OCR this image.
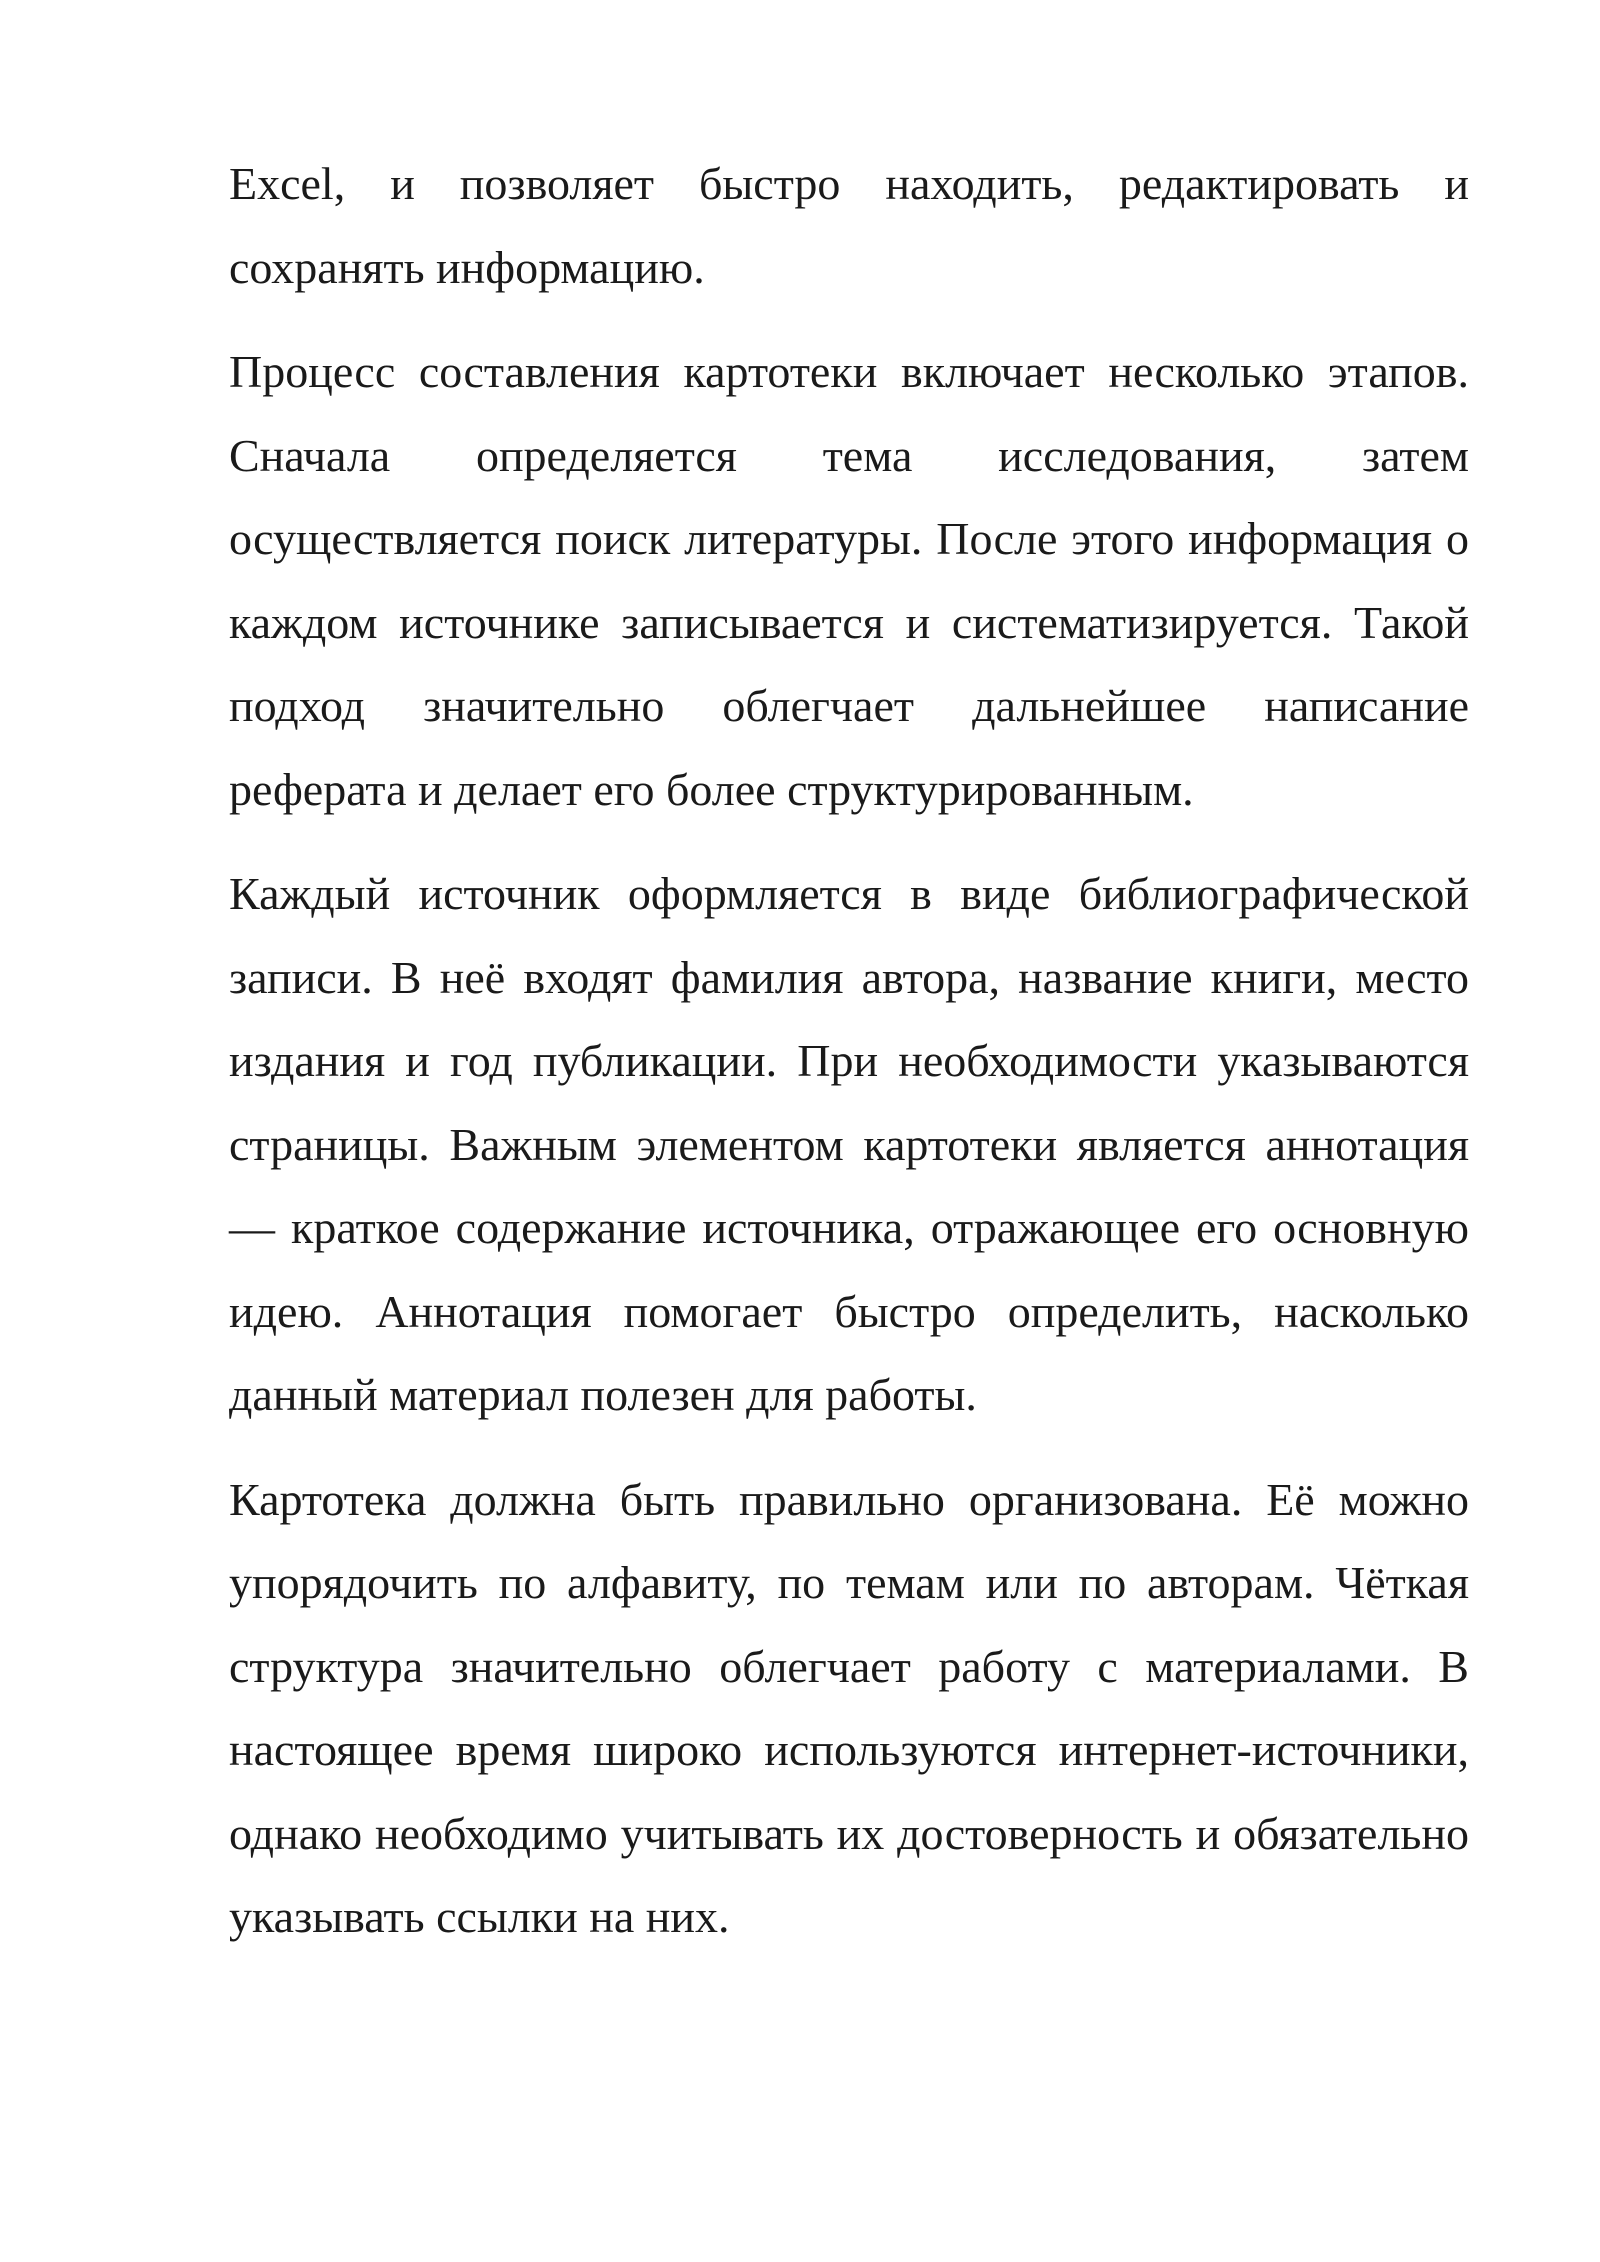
Excel, и позволяет быстро находить, редактировать и сохранять информацию.

Процесс составления картотеки включает несколько этапов. Сначала определяется тема исследования, затем осуществляется поиск литературы. После этого информация о каждом источнике записывается и систематизируется. Такой подход значительно облегчает дальнейшее написание реферата и делает его более структурированным.

Каждый источник оформляется в виде библиографической записи. В неё входят фамилия автора, название книги, место издания и год публикации. При необходимости указываются страницы. Важным элементом картотеки является аннотация — краткое содержание источника, отражающее его основную идею. Аннотация помогает быстро определить, насколько данный материал полезен для работы.

Картотека должна быть правильно организована. Её можно упорядочить по алфавиту, по темам или по авторам. Чёткая структура значительно облегчает работу с материалами. В настоящее время широко используются интернет-источники, однако необходимо учитывать их достоверность и обязательно указывать ссылки на них.
